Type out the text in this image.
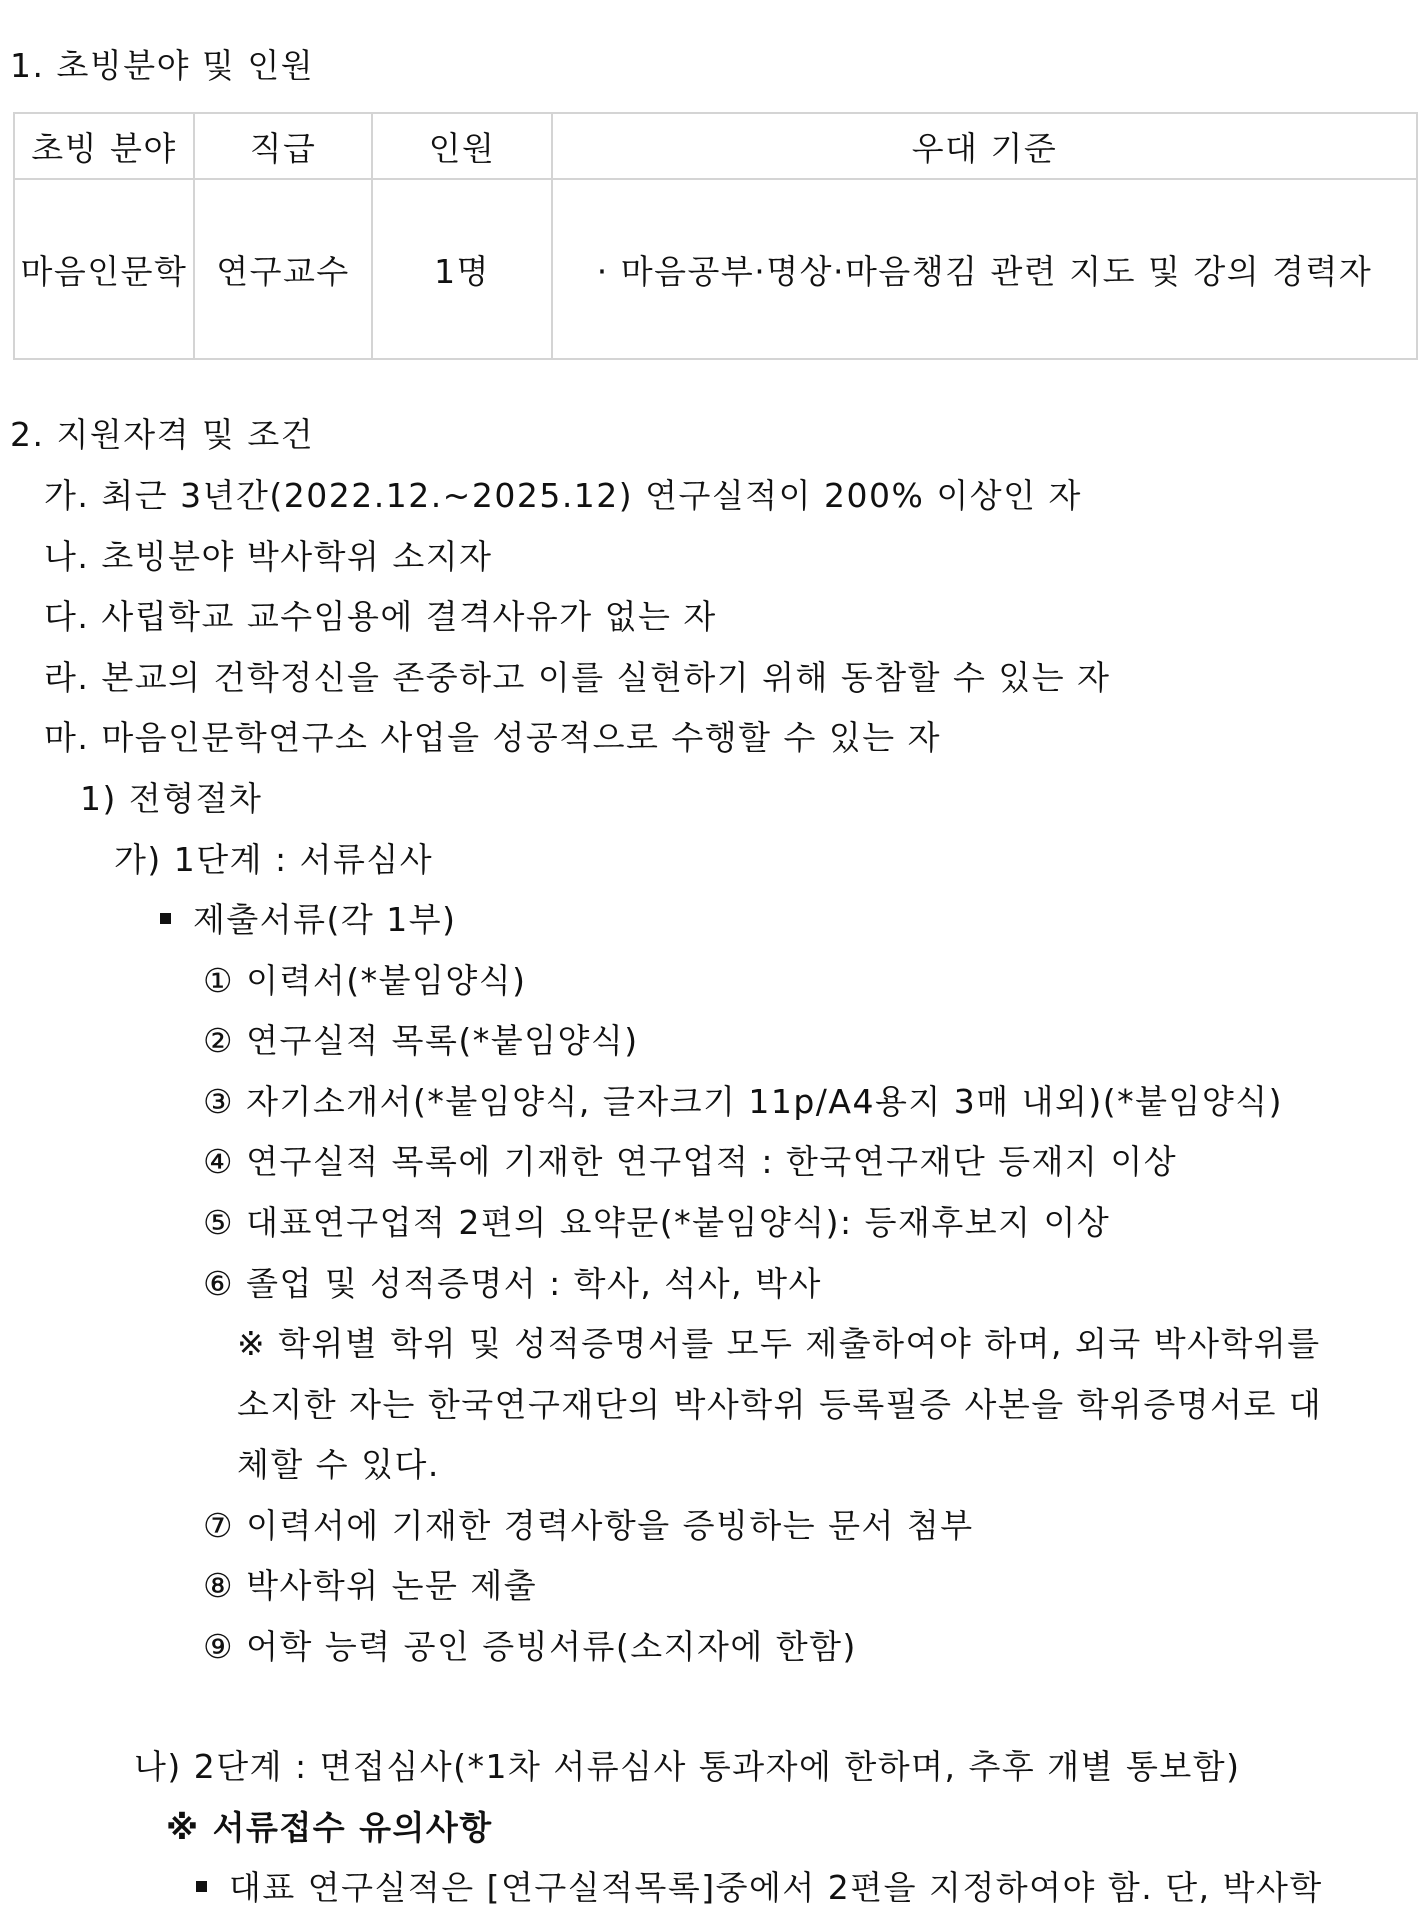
1. 초빙분야 및 인원
초빙 분야	직급	인원	우대 기준
마음인문학	연구교수	1명	· 마음공부·명상·마음챙김 관련 지도 및 강의 경력자
2. 지원자격 및 조건
가. 최근 3년간(2022.12.~2025.12) 연구실적이 200% 이상인 자
나. 초빙분야 박사학위 소지자
다. 사립학교 교수임용에 결격사유가 없는 자
라. 본교의 건학정신을 존중하고 이를 실현하기 위해 동참할 수 있는 자
마. 마음인문학연구소 사업을 성공적으로 수행할 수 있는 자
1) 전형절차
가) 1단계 : 서류심사
제출서류(각 1부)
① 이력서(*붙임양식)
② 연구실적 목록(*붙임양식)
③ 자기소개서(*붙임양식, 글자크기 11p/A4용지 3매 내외)(*붙임양식)
④ 연구실적 목록에 기재한 연구업적 : 한국연구재단 등재지 이상
⑤ 대표연구업적 2편의 요약문(*붙임양식): 등재후보지 이상
⑥ 졸업 및 성적증명서 : 학사, 석사, 박사
※ 학위별 학위 및 성적증명서를 모두 제출하여야 하며, 외국 박사학위를
소지한 자는 한국연구재단의 박사학위 등록필증 사본을 학위증명서로 대
체할 수 있다.
⑦ 이력서에 기재한 경력사항을 증빙하는 문서 첨부
⑧ 박사학위 논문 제출
⑨ 어학 능력 공인 증빙서류(소지자에 한함)
나) 2단계 : 면접심사(*1차 서류심사 통과자에 한하며, 추후 개별 통보함)
※ 서류접수 유의사항
대표 연구실적은 [연구실적목록]중에서 2편을 지정하여야 함. 단, 박사학
